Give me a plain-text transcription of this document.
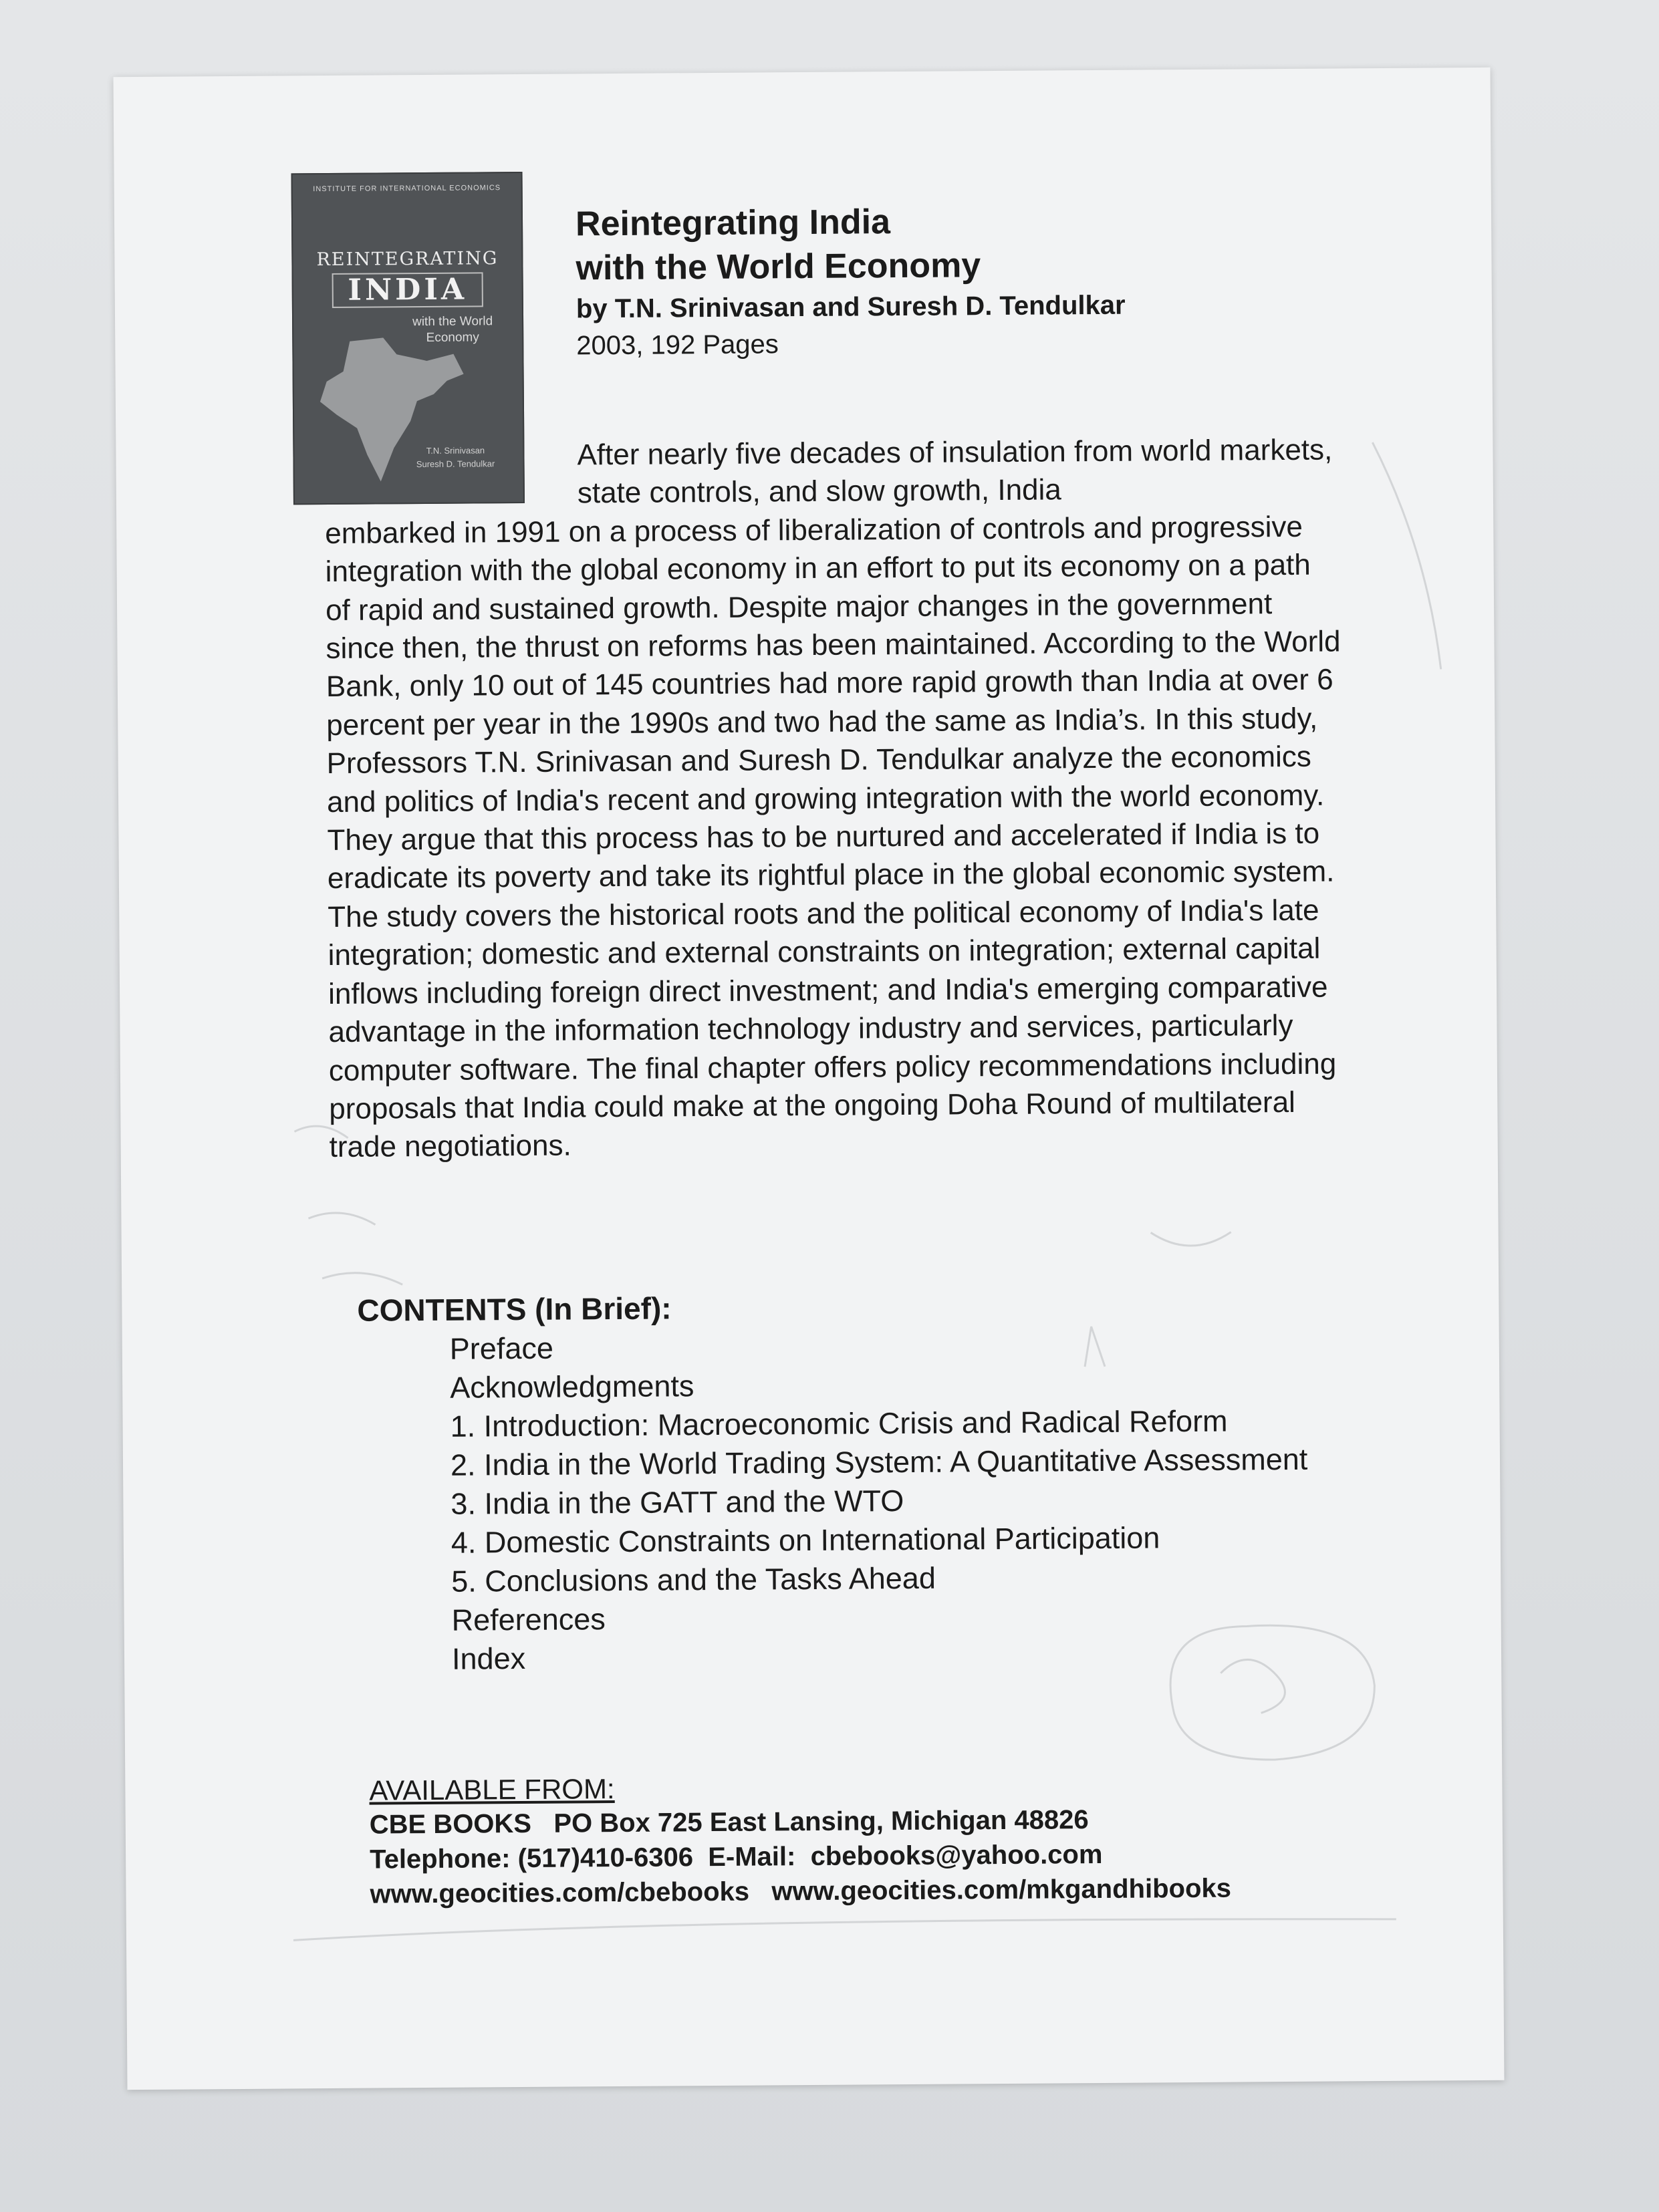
INSTITUTE FOR INTERNATIONAL ECONOMICS
REINTEGRATING
INDIA
with the World
Economy
T.N. Srinivasan
Suresh D. Tendulkar
Reintegrating India
with the World Economy
by T.N. Srinivasan and Suresh D. Tendulkar
2003, 192 Pages

After nearly five decades of insulation from world markets, state controls, and slow growth, India
embarked in 1991 on a process of liberalization of controls and progressive integration with the global economy in an effort to put its economy on a path of rapid and sustained growth. Despite major changes in the government since then, the thrust on reforms has been maintained. According to the World Bank, only 10 out of 145 countries had more rapid growth than India at over 6 percent per year in the 1990s and two had the same as India’s. In this study, Professors T.N. Srinivasan and Suresh D. Tendulkar analyze the economics and politics of India's recent and growing integration with the world economy. They argue that this process has to be nurtured and accelerated if India is to eradicate its poverty and take its rightful place in the global economic system. The study covers the historical roots and the political economy of India's late integration; domestic and external constraints on integration; external capital inflows including foreign direct investment; and India's emerging comparative advantage in the information technology industry and services, particularly computer software. The final chapter offers policy recommendations including proposals that India could make at the ongoing Doha Round of multilateral trade negotiations.

CONTENTS (In Brief):
Preface
Acknowledgments
1. Introduction: Macroeconomic Crisis and Radical Reform
2. India in the World Trading System: A Quantitative Assessment
3. India in the GATT and the WTO
4. Domestic Constraints on International Participation
5. Conclusions and the Tasks Ahead
References
Index
AVAILABLE FROM:
CBE BOOKS   PO Box 725 East Lansing, Michigan 48826
Telephone: (517)410-6306  E-Mail:  cbebooks@yahoo.com
www.geocities.com/cbebooks   www.geocities.com/mkgandhibooks
